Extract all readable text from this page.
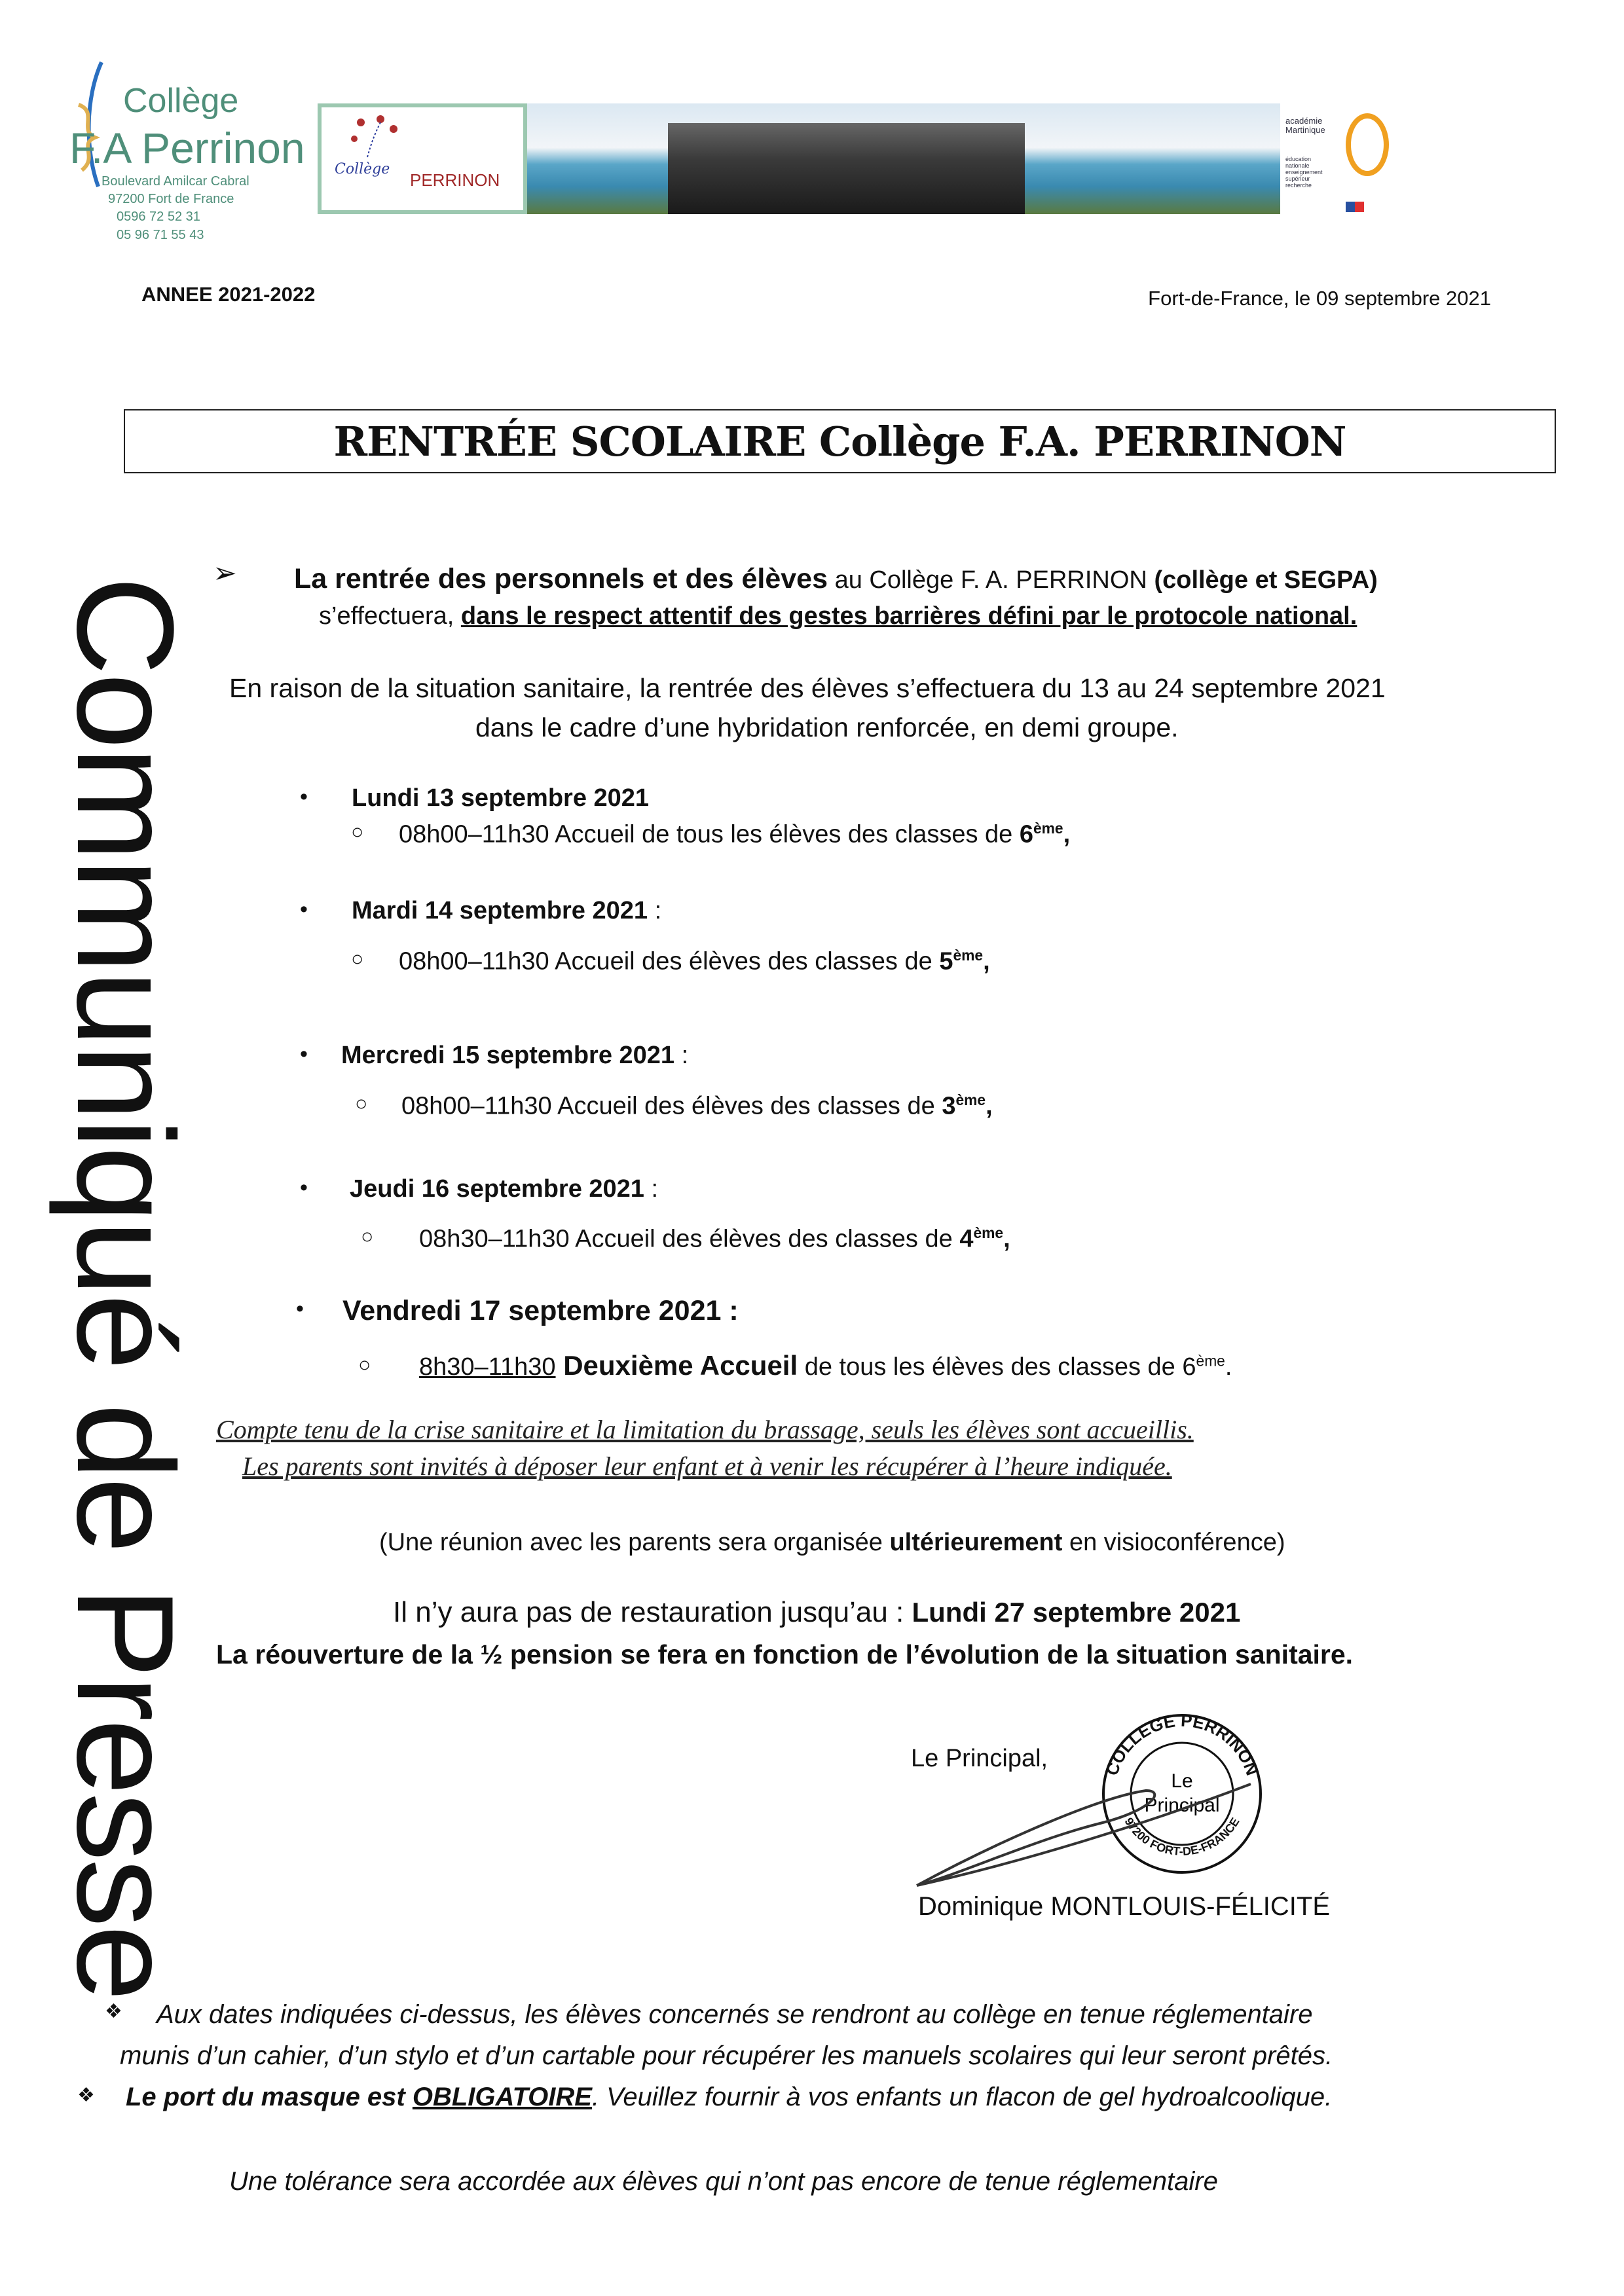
Collège
F.A Perrinon
Boulevard Amilcar Cabral
97200 Fort de France
0596 72 52 31
05 96 71 55 43
Collège
PERRINON
académie
Martinique
éducation
nationale
enseignement
supérieur
recherche
ANNEE 2021-2022	Fort-de-France, le 09 septembre 2021
RENTRÉE SCOLAIRE Collège F.A. PERRINON
Communiqué de Presse
➢ La rentrée des personnels et des élèves au Collège F. A. PERRINON (collège et SEGPA)
s’effectuera, dans le respect attentif des gestes barrières défini par le protocole national.
En raison de la situation sanitaire, la rentrée des élèves s’effectuera du 13 au 24 septembre 2021
dans le cadre d’une hybridation renforcée, en demi groupe.
• Lundi 13 septembre 2021
○ 08h00–11h30 Accueil de tous les élèves des classes de 6ème,
• Mardi 14 septembre 2021 :
○ 08h00–11h30 Accueil des élèves des classes de 5ème,
• Mercredi 15 septembre 2021 :
○ 08h00–11h30 Accueil des élèves des classes de 3ème,
• Jeudi 16 septembre 2021 :
○ 08h30–11h30 Accueil des élèves des classes de 4ème,
• Vendredi 17 septembre 2021 :
○ 8h30–11h30 Deuxième Accueil de tous les élèves des classes de 6ème.
Compte tenu de la crise sanitaire et la limitation du brassage, seuls les élèves sont accueillis.
Les parents sont invités à déposer leur enfant et à venir les récupérer à l’heure indiquée.
(Une réunion avec les parents sera organisée ultérieurement en visioconférence)
Il n’y aura pas de restauration jusqu’au : Lundi 27 septembre 2021
La réouverture de la ½ pension se fera en fonction de l’évolution de la situation sanitaire.
Le Principal,	COLLEGE PERRINON
97200 FORT-DE-FRANCE
Le
Principal
Dominique MONTLOUIS-FÉLICITÉ
❖ Aux dates indiquées ci-dessus, les élèves concernés se rendront au collège en tenue réglementaire
munis d’un cahier, d’un stylo et d’un cartable pour récupérer les manuels scolaires qui leur seront prêtés.
❖ Le port du masque est OBLIGATOIRE. Veuillez fournir à vos enfants un flacon de gel hydroalcoolique.
Une tolérance sera accordée aux élèves qui n’ont pas encore de tenue réglementaire
